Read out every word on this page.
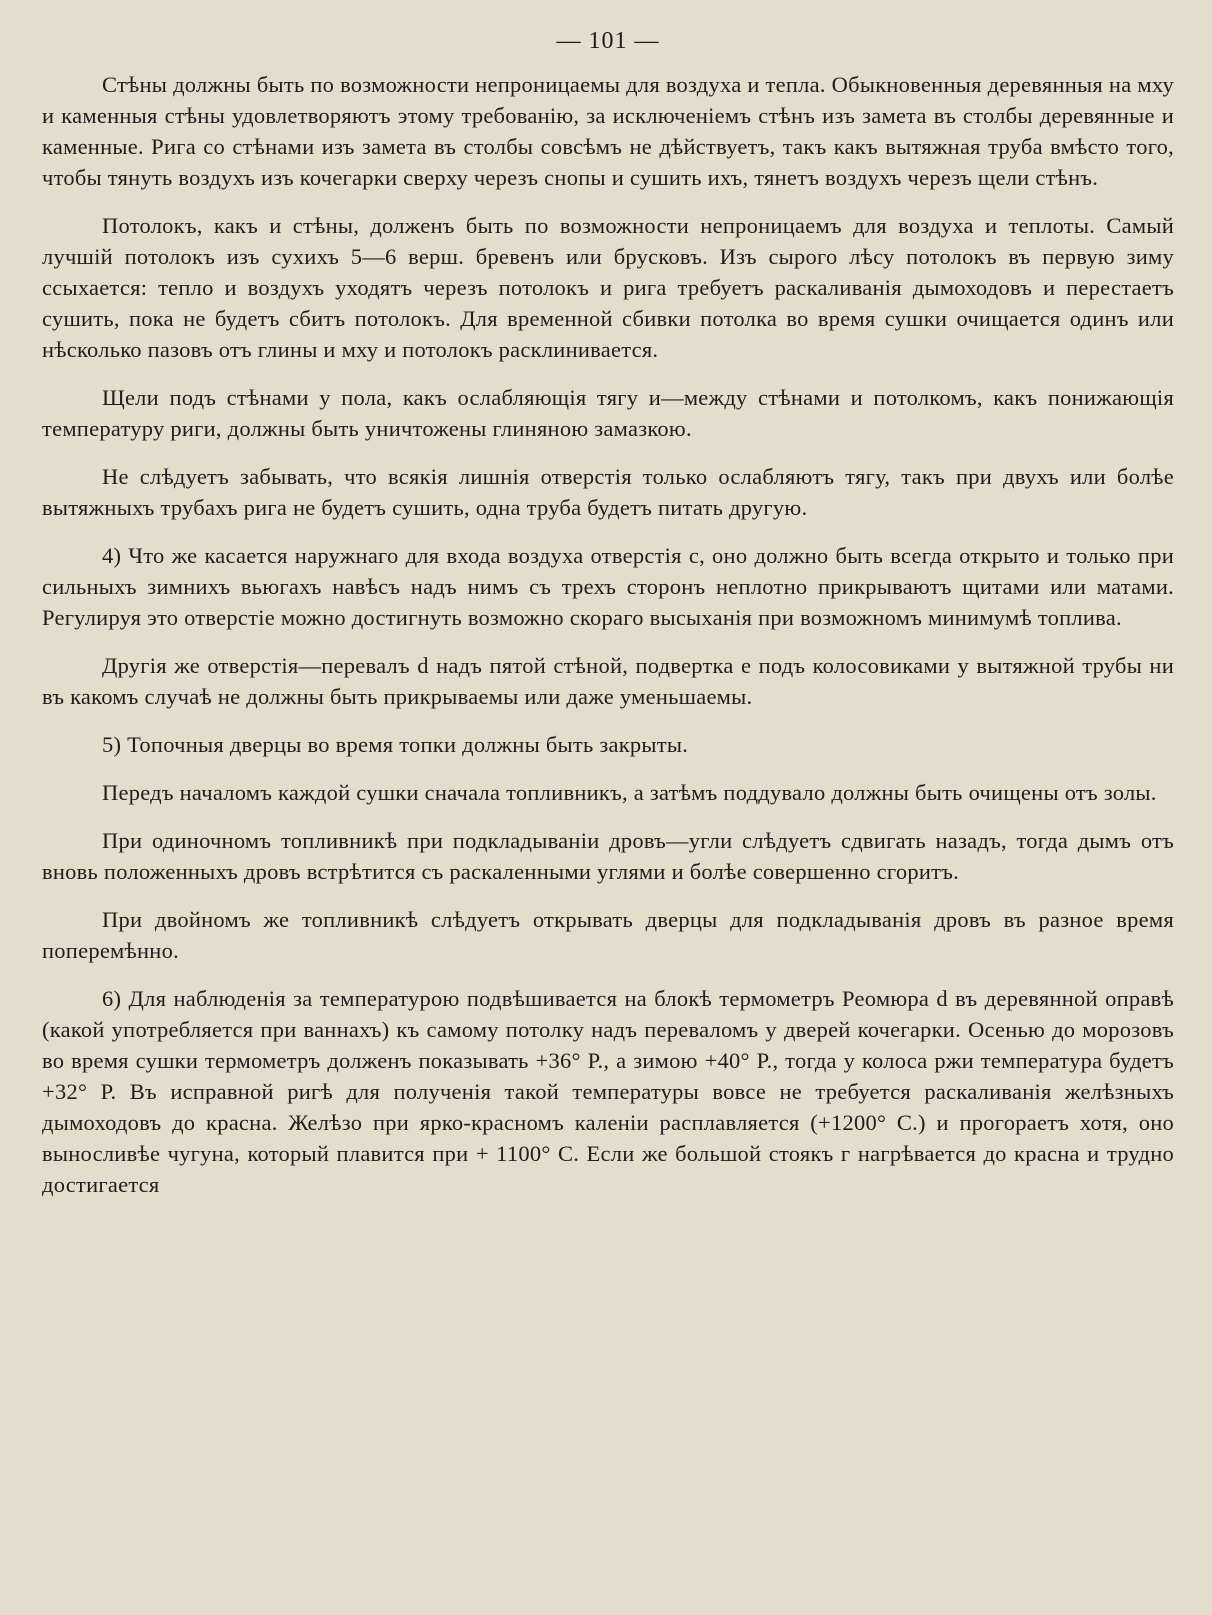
— 101 —

Стѣны должны быть по возможности непроницаемы для воздуха и тепла. Обыкновенныя деревянныя на мху и каменныя стѣны удовлетворяютъ этому требованію, за исключеніемъ стѣнъ изъ замета въ столбы деревянные и каменные. Рига со стѣнами изъ замета въ столбы совсѣмъ не дѣйствуетъ, такъ какъ вытяжная труба вмѣсто того, чтобы тянуть воздухъ изъ кочегарки сверху черезъ снопы и сушить ихъ, тянетъ воздухъ черезъ щели стѣнъ.

Потолокъ, какъ и стѣны, долженъ быть по возможности непроницаемъ для воздуха и теплоты. Самый лучшій потолокъ изъ сухихъ 5—6 верш. бревенъ или брусковъ. Изъ сырого лѣсу потолокъ въ первую зиму ссыхается: тепло и воздухъ уходятъ черезъ потолокъ и рига требуетъ раскаливанія дымоходовъ и перестаетъ сушить, пока не будетъ сбитъ потолокъ. Для временной сбивки потолка во время сушки очищается одинъ или нѣсколько пазовъ отъ глины и мху и потолокъ расклинивается.

Щели подъ стѣнами у пола, какъ ослабляющія тягу и—между стѣнами и потолкомъ, какъ понижающія температуру риги, должны быть уничтожены глиняною замазкою.

Не слѣдуетъ забывать, что всякія лишнія отверстія только ослабляютъ тягу, такъ при двухъ или болѣе вытяжныхъ трубахъ рига не будетъ сушить, одна труба будетъ питать другую.

4) Что же касается наружнаго для входа воздуха отверстія c, оно должно быть всегда открыто и только при сильныхъ зимнихъ вьюгахъ навѣсъ надъ нимъ съ трехъ сторонъ неплотно прикрываютъ щитами или матами. Регулируя это отверстіе можно достигнуть возможно скораго высыханія при возможномъ минимумѣ топлива.

Другія же отверстія—перевалъ d надъ пятой стѣной, подвертка e подъ колосовиками у вытяжной трубы ни въ какомъ случаѣ не должны быть прикрываемы или даже уменьшаемы.

5) Топочныя дверцы во время топки должны быть закрыты.

Передъ началомъ каждой сушки сначала топливникъ, а затѣмъ поддувало должны быть очищены отъ золы.

При одиночномъ топливникѣ при подкладываніи дровъ—угли слѣдуетъ сдвигать назадъ, тогда дымъ отъ вновь положенныхъ дровъ встрѣтится съ раскаленными углями и болѣе совершенно сгоритъ.

При двойномъ же топливникѣ слѣдуетъ открывать дверцы для подкладыванія дровъ въ разное время поперемѣнно.

6) Для наблюденія за температурою подвѣшивается на блокѣ термометръ Реомюра d въ деревянной оправѣ (какой употребляется при ваннахъ) къ самому потолку надъ переваломъ у дверей кочегарки. Осенью до морозовъ во время сушки термометръ долженъ показывать +36° Р., а зимою +40° Р., тогда у колоса ржи температура будетъ +32° Р. Въ исправной ригѣ для полученія такой температуры вовсе не требуется раскаливанія желѣзныхъ дымоходовъ до красна. Желѣзо при ярко-красномъ каленіи расплавляется (+1200° С.) и прогораетъ хотя, оно выносливѣе чугуна, который плавится при + 1100° С. Если же большой стоякъ г нагрѣвается до красна и трудно достигается
